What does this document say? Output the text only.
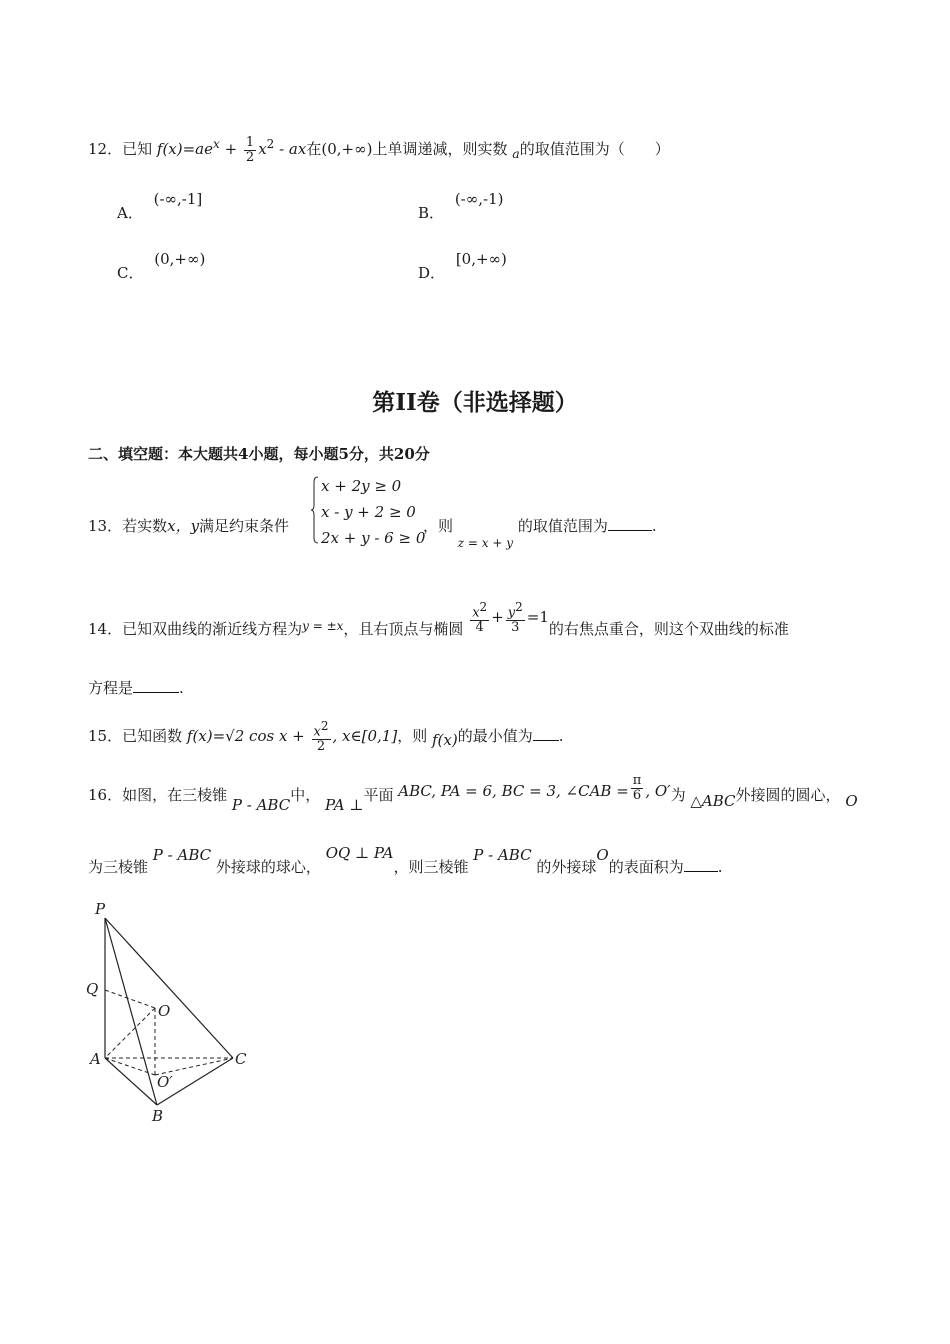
12．已知 $f(x)=ae^x + \frac{1}{2} x^2$ - ax在(0,+∞)上单调递减，则实数 $_a$的取值范围为（　　）
A． (-∞,-1]
B． (-∞,-1)
C． (0,+∞)
D． [0,+∞)
第II卷（非选择题）
二、填空题：本大题共4小题，每小题5分，共20分
13．若实数x，y满足约束条件
x + 2y ≥ 0
x - y + 2 ≥ 0
2x + y - 6 ≥ 0
，则 $_{z = x + y}$ 的取值范围为	.
14．已知双曲线的渐近线方程为$^{y = \pm x}$，且右顶点与椭圆 $\frac{x^2}{4} + \frac{y^2}{3} =1$的右焦点重合，则这个双曲线的标准
方程是	.
15．已知函数 f(x)=√2 $\cos x + \frac{x^2}{2}$ , x∈[0,1]，则 f(x)的最小值为 .
16．如图，在三棱锥 P - ABC中， PA ⊥平面 ABC, PA = 6, BC = 3, ∠CAB = $\frac{\pi}{6}$ , O′为 △ABC外接圆的圆心， O
为三棱锥 P - ABC 外接球的球心， OQ ⊥ PA，则三棱锥 P - ABC 的外接球O的表面积为 .
P
Q
O
A	C
O′
B
